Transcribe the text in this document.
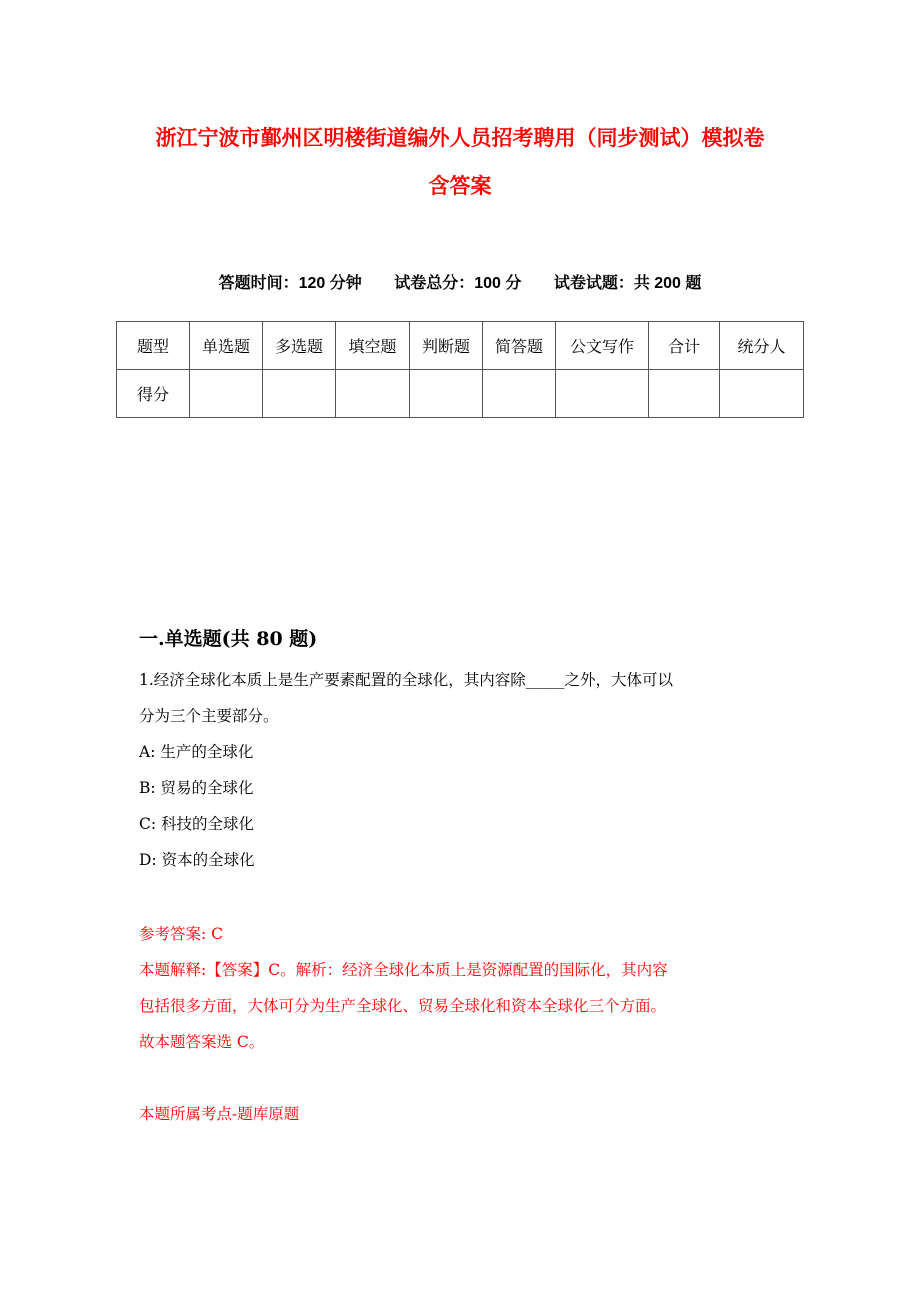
浙江宁波市鄞州区明楼街道编外人员招考聘用（同步测试）模拟卷
含答案
答题时间：120 分钟 试卷总分：100 分 试卷试题：共 200 题
题型	单选题	多选题	填空题	判断题	简答题	公文写作	合计	统分人
得分								
一.单选题(共 80 题)
1.经济全球化本质上是生产要素配置的全球化，其内容除_____之外，大体可以
分为三个主要部分。
A: 生产的全球化
B: 贸易的全球化
C: 科技的全球化
D: 资本的全球化
参考答案: C
本题解释:【答案】C。解析：经济全球化本质上是资源配置的国际化，其内容
包括很多方面，大体可分为生产全球化、贸易全球化和资本全球化三个方面。
故本题答案选 C。
本题所属考点-题库原题
